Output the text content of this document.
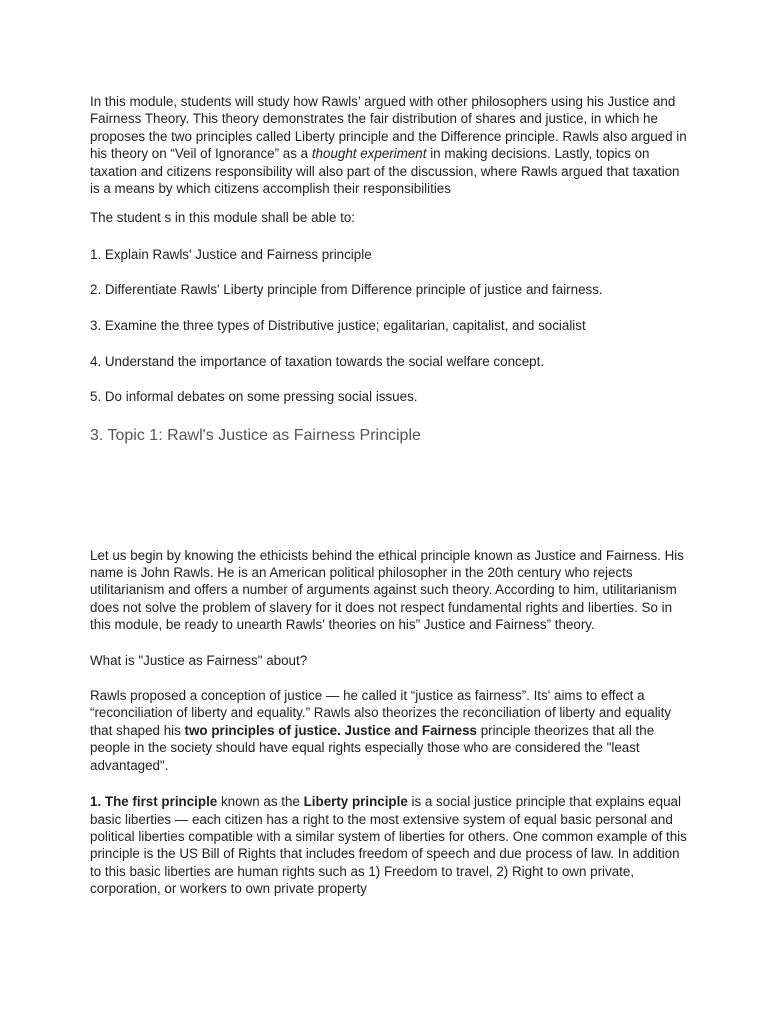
In this module, students will study how Rawls’ argued with other philosophers using his Justice and Fairness Theory. This theory demonstrates the fair distribution of shares and justice, in which he proposes the two principles called Liberty principle and the Difference principle. Rawls also argued in his theory on “Veil of Ignorance” as a thought experiment in making decisions. Lastly, topics on taxation and citizens responsibility will also part of the discussion, where Rawls argued that taxation is a means by which citizens accomplish their responsibilities

The student s in this module shall be able to:

1. Explain Rawls' Justice and Fairness principle

2. Differentiate Rawls' Liberty principle from Difference principle of justice and fairness.

3. Examine the three types of Distributive justice; egalitarian, capitalist, and socialist

4. Understand the importance of taxation towards the social welfare concept.

5. Do informal debates on some pressing social issues.

3. Topic 1: Rawl's Justice as Fairness Principle

Let us begin by knowing the ethicists behind the ethical principle known as Justice and Fairness. His name is John Rawls. He is an American political philosopher in the 20th century who rejects utilitarianism and offers a number of arguments against such theory. According to him, utilitarianism does not solve the problem of slavery for it does not respect fundamental rights and liberties. So in this module, be ready to unearth Rawls' theories on his” Justice and Fairness” theory.

What is "Justice as Fairness" about?

Rawls proposed a conception of justice — he called it “justice as fairness”. Its' aims to effect a “reconciliation of liberty and equality.” Rawls also theorizes the reconciliation of liberty and equality that shaped his two principles of justice. Justice and Fairness principle theorizes that all the people in the society should have equal rights especially those who are considered the "least advantaged".

1. The first principle known as the Liberty principle is a social justice principle that explains equal basic liberties — each citizen has a right to the most extensive system of equal basic personal and political liberties compatible with a similar system of liberties for others. One common example of this principle is the US Bill of Rights that includes freedom of speech and due process of law. In addition to this basic liberties are human rights such as 1) Freedom to travel, 2) Right to own private, corporation, or workers to own private property
